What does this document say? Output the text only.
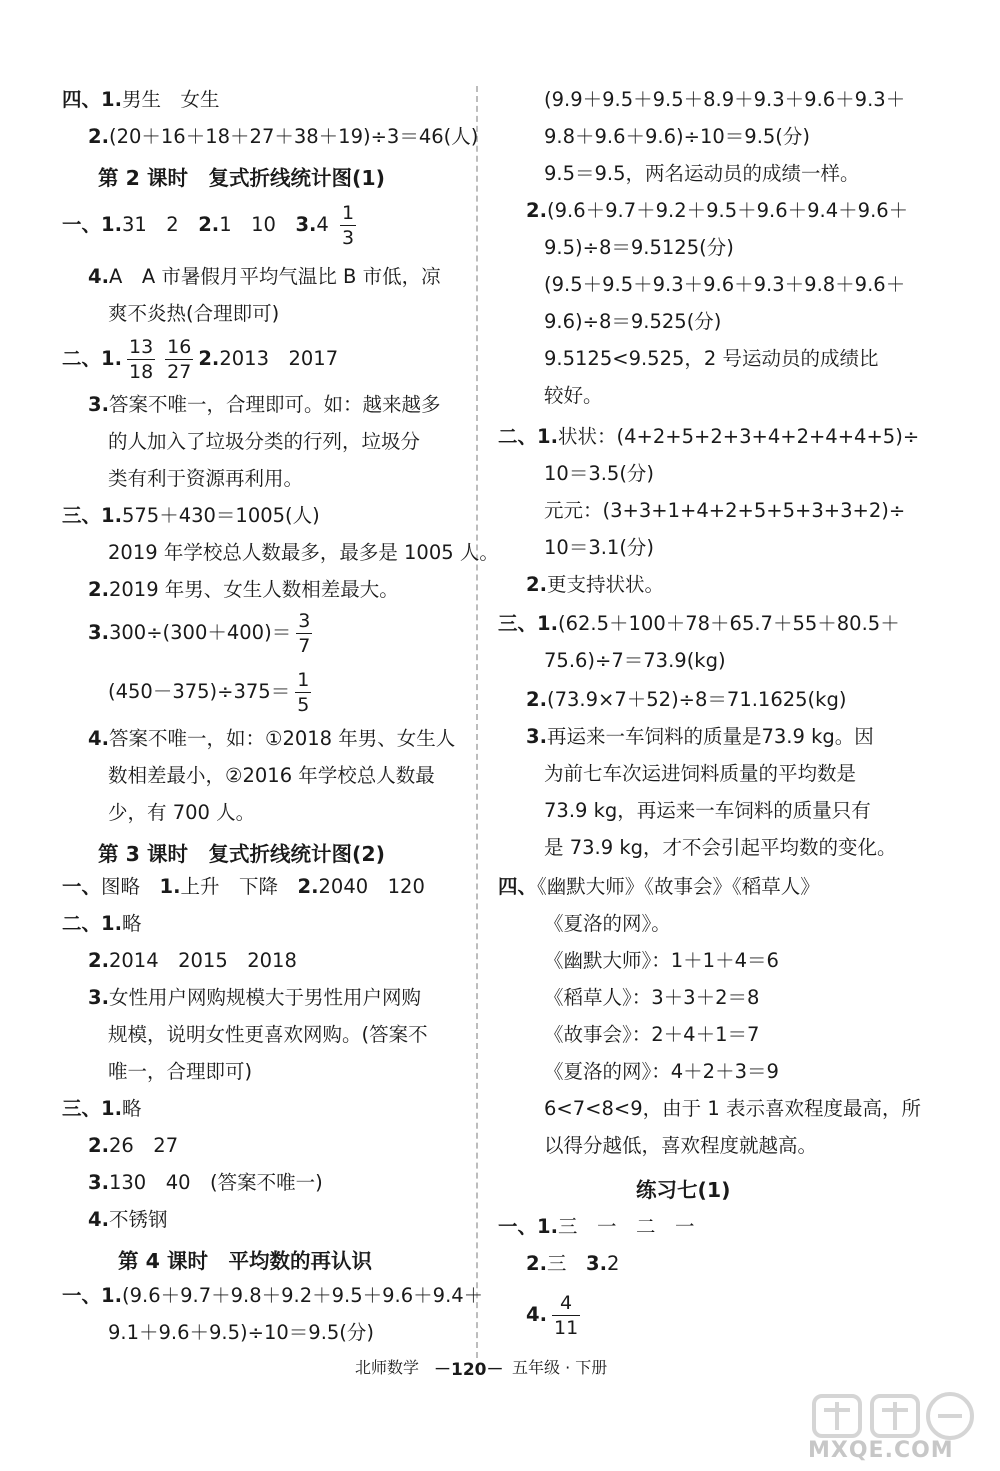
四、1.男生　女生
2.(20＋16＋18＋27＋38＋19)÷3＝46(人)
第 2 课时　复式折线统计图(1)
一、1.31　2　2.1　10　$3.4 \frac{1}{3}$
4.A　A 市暑假月平均气温比 B 市低，凉
爽不炎热(合理即可)
二、1. $\frac{13}{18} \frac{16}{27} 2.2013$　2017
3.答案不唯一，合理即可。如：越来越多
的人加入了垃圾分类的行列，垃圾分
类有利于资源再利用。
三、1.575＋430＝1005(人)
2019 年学校总人数最多，最多是 1005 人。
2.2019 年男、女生人数相差最大。
$3.300\div(300+400)= \frac{3}{7}$
$(450-375)\div 375= \frac{1}{5}$
4.答案不唯一，如：①2018 年男、女生人
数相差最小，②2016 年学校总人数最
少，有 700 人。
第 3 课时　复式折线统计图(2)
一、图略　1.上升　下降　2.2040　120
二、1.略
2.2014　2015　2018
3.女性用户网购规模大于男性用户网购
规模，说明女性更喜欢网购。(答案不
唯一，合理即可)
三、1.略
2.26　27
3.130　40　(答案不唯一)
4.不锈钢
第 4 课时　平均数的再认识
一、1.(9.6＋9.7＋9.8＋9.2＋9.5＋9.6＋9.4＋
9.1＋9.6＋9.5)÷10＝9.5(分)
(9.9＋9.5＋9.5＋8.9＋9.3＋9.6＋9.3＋
9.8＋9.6＋9.6)÷10＝9.5(分)
9.5＝9.5，两名运动员的成绩一样。
2.(9.6＋9.7＋9.2＋9.5＋9.6＋9.4＋9.6＋
9.5)÷8＝9.5125(分)
(9.5＋9.5＋9.3＋9.6＋9.3＋9.8＋9.6＋
9.6)÷8＝9.525(分)
9.5125<9.525，2 号运动员的成绩比
较好。
二、1.状状：(4+2+5+2+3+4+2+4+4+5)÷
10＝3.5(分)
元元：(3+3+1+4+2+5+5+3+3+2)÷
10＝3.1(分)
2.更支持状状。
三、1.(62.5＋100＋78＋65.7＋55＋80.5＋
75.6)÷7＝73.9(kg)
2.(73.9×7＋52)÷8＝71.1625(kg)
3.再运来一车饲料的质量是73.9 kg。因
为前七车次运进饲料质量的平均数是
73.9 kg，再运来一车饲料的质量只有
是 73.9 kg，才不会引起平均数的变化。
四、《幽默大师》《故事会》《稻草人》
《夏洛的网》。
《幽默大师》：1＋1＋4＝6
《稻草人》：3＋3＋2＝8
《故事会》：2＋4＋1＝7
《夏洛的网》：4＋2＋3＝9
6<7<8<9，由于 1 表示喜欢程度最高，所
以得分越低，喜欢程度就越高。
练习七(1)
一、1.三　一　二　一
2.三　3.2
4. $\frac{4}{11}$
北师数学 －120－ 五年级 · 下册
MXQE.COM
